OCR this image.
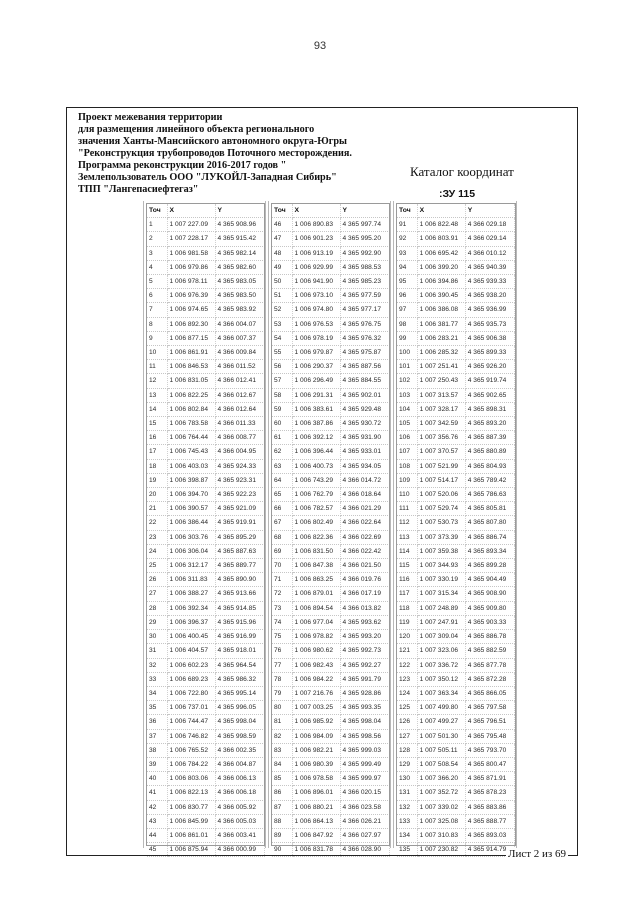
93
Проект межевания территории
для размещения линейного объекта регионального
значения Ханты-Мансийского автономного округа-Югры
"Реконструкция трубопроводов Поточного месторождения.
Программа реконструкции 2016-2017 годов "
Землепользователь ООО "ЛУКОЙЛ-Западная Сибирь"
ТПП "Лангепасиефтегаз"
Каталог координат
:ЗУ 115
Точ	X	Y
1	1 007 227.09	4 365 908.96
2	1 007 228.17	4 365 915.42
3	1 006 981.58	4 365 982.14
4	1 006 979.86	4 365 982.60
5	1 006 978.11	4 365 983.05
6	1 006 976.39	4 365 983.50
7	1 006 974.65	4 365 983.92
8	1 006 892.30	4 366 004.07
9	1 006 877.15	4 366 007.37
10	1 006 861.91	4 366 009.84
11	1 006 846.53	4 366 011.52
12	1 006 831.05	4 366 012.41
13	1 006 822.25	4 366 012.67
14	1 006 802.84	4 366 012.64
15	1 006 783.58	4 366 011.33
16	1 006 764.44	4 366 008.77
17	1 006 745.43	4 366 004.95
18	1 006 403.03	4 365 924.33
19	1 006 398.87	4 365 923.31
20	1 006 394.70	4 365 922.23
21	1 006 390.57	4 365 921.09
22	1 006 386.44	4 365 919.91
23	1 006 303.76	4 365 895.29
24	1 006 306.04	4 365 887.63
25	1 006 312.17	4 365 889.77
26	1 006 311.83	4 365 890.90
27	1 006 388.27	4 365 913.66
28	1 006 392.34	4 365 914.85
29	1 006 396.37	4 365 915.96
30	1 006 400.45	4 365 916.99
31	1 006 404.57	4 365 918.01
32	1 006 602.23	4 365 964.54
33	1 006 689.23	4 365 986.32
34	1 006 722.80	4 365 995.14
35	1 006 737.01	4 365 996.05
36	1 006 744.47	4 365 998.04
37	1 006 746.82	4 365 998.59
38	1 006 765.52	4 366 002.35
39	1 006 784.22	4 366 004.87
40	1 006 803.06	4 366 006.13
41	1 006 822.13	4 366 006.18
42	1 006 830.77	4 366 005.92
43	1 006 845.99	4 366 005.03
44	1 006 861.01	4 366 003.41
45	1 006 875.94	4 366 000.99
Точ	X	Y
46	1 006 890.83	4 365 997.74
47	1 006 901.23	4 365 995.20
48	1 006 913.19	4 365 992.90
49	1 006 929.99	4 365 988.53
50	1 006 941.90	4 365 985.23
51	1 006 973.10	4 365 977.59
52	1 006 974.80	4 365 977.17
53	1 006 976.53	4 365 976.75
54	1 006 978.19	4 365 976.32
55	1 006 979.87	4 365 975.87
56	1 006 290.37	4 365 887.56
57	1 006 296.49	4 365 884.55
58	1 006 291.31	4 365 902.01
59	1 006 383.61	4 365 929.48
60	1 006 387.86	4 365 930.72
61	1 006 392.12	4 365 931.90
62	1 006 396.44	4 365 933.01
63	1 006 400.73	4 365 934.05
64	1 006 743.29	4 366 014.72
65	1 006 762.79	4 366 018.64
66	1 006 782.57	4 366 021.29
67	1 006 802.49	4 366 022.64
68	1 006 822.36	4 366 022.69
69	1 006 831.50	4 366 022.42
70	1 006 847.38	4 366 021.50
71	1 006 863.25	4 366 019.76
72	1 006 879.01	4 366 017.19
73	1 006 894.54	4 366 013.82
74	1 006 977.04	4 365 993.62
75	1 006 978.82	4 365 993.20
76	1 006 980.62	4 365 992.73
77	1 006 982.43	4 365 992.27
78	1 006 984.22	4 365 991.79
79	1 007 216.76	4 365 928.86
80	1 007 003.25	4 365 993.35
81	1 006 985.92	4 365 998.04
82	1 006 984.09	4 365 998.56
83	1 006 982.21	4 365 999.03
84	1 006 980.39	4 365 999.49
85	1 006 978.58	4 365 999.97
86	1 006 896.01	4 366 020.15
87	1 006 880.21	4 366 023.58
88	1 006 864.13	4 366 026.21
89	1 006 847.92	4 366 027.97
90	1 006 831.78	4 366 028.90
Точ	X	Y
91	1 006 822.48	4 366 029.18
92	1 006 803.91	4 366 029.14
93	1 006 695.42	4 366 010.12
94	1 006 399.20	4 365 940.39
95	1 006 394.86	4 365 939.33
96	1 006 390.45	4 365 938.20
97	1 006 386.08	4 365 936.99
98	1 006 381.77	4 365 935.73
99	1 006 283.21	4 365 906.38
100	1 006 285.32	4 365 899.33
101	1 007 251.41	4 365 926.20
102	1 007 250.43	4 365 919.74
103	1 007 313.57	4 365 902.65
104	1 007 328.17	4 365 898.31
105	1 007 342.59	4 365 893.20
106	1 007 356.76	4 365 887.39
107	1 007 370.57	4 365 880.89
108	1 007 521.99	4 365 804.93
109	1 007 514.17	4 365 789.42
110	1 007 520.06	4 365 786.63
111	1 007 529.74	4 365 805.81
112	1 007 530.73	4 365 807.80
113	1 007 373.39	4 365 886.74
114	1 007 359.38	4 365 893.34
115	1 007 344.93	4 365 899.28
116	1 007 330.19	4 365 904.49
117	1 007 315.34	4 365 908.90
118	1 007 248.89	4 365 909.80
119	1 007 247.91	4 365 903.33
120	1 007 309.04	4 365 886.78
121	1 007 323.06	4 365 882.59
122	1 007 336.72	4 365 877.78
123	1 007 350.12	4 365 872.28
124	1 007 363.34	4 365 866.05
125	1 007 499.80	4 365 797.58
126	1 007 499.27	4 365 796.51
127	1 007 501.30	4 365 795.48
128	1 007 505.11	4 365 793.70
129	1 007 508.54	4 365 800.47
130	1 007 366.20	4 365 871.91
131	1 007 352.72	4 365 878.23
132	1 007 339.02	4 365 883.86
133	1 007 325.08	4 365 888.77
134	1 007 310.83	4 365 893.03
135	1 007 230.82	4 365 914.79 Лист 2 из 69
